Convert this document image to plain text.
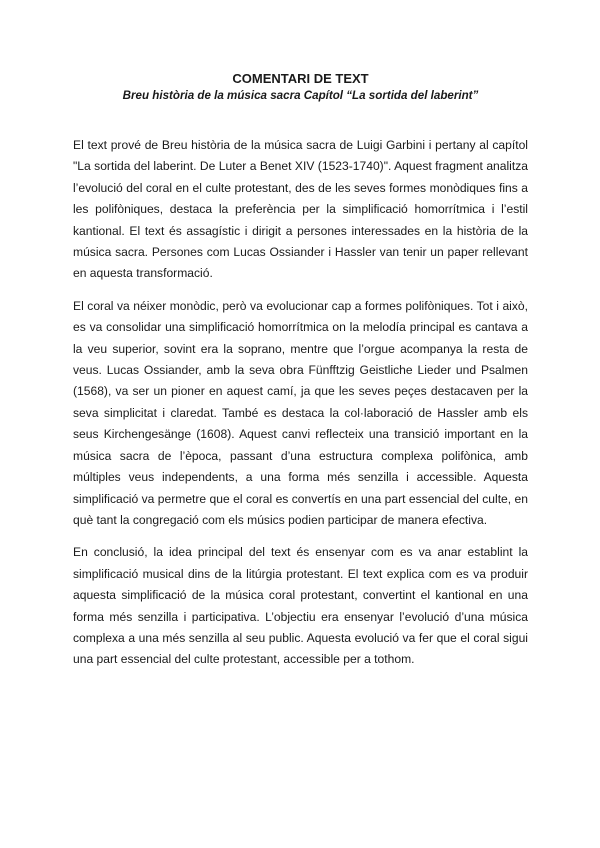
COMENTARI DE TEXT

Breu història de la música sacra Capítol “La sortida del laberint”

El text prové de Breu història de la música sacra de Luigi Garbini i pertany al capítol "La sortida del laberint. De Luter a Benet XIV (1523-1740)". Aquest fragment analitza l’evolució del coral en el culte protestant, des de les seves formes monòdiques fins a les polifòniques, destaca la preferència per la simplificació homorrítmica i l’estil kantional. El text és assagístic i dirigit a persones interessades en la història de la música sacra. Persones com Lucas Ossiander i Hassler van tenir un paper rellevant en aquesta transformació.

El coral va néixer monòdic, però va evolucionar cap a formes polifòniques. Tot i això, es va consolidar una simplificació homorrítmica on la melodía principal es cantava a la veu superior, sovint era la soprano, mentre que l’orgue acompanya la resta de veus. Lucas Ossiander, amb la seva obra Fünfftzig Geistliche Lieder und Psalmen (1568), va ser un pioner en aquest camí, ja que les seves peçes destacaven per la seva simplicitat i claredat. També es destaca la col·laboració de Hassler amb els seus Kirchengesänge (1608). Aquest canvi reflecteix una transició important en la música sacra de l’època, passant d’una estructura complexa polifònica, amb múltiples veus independents, a una forma més senzilla i accessible. Aquesta simplificació va permetre que el coral es convertís en una part essencial del culte, en què tant la congregació com els músics podien participar de manera efectiva.

En conclusió, la idea principal del text és ensenyar com es va anar establint la simplificació musical dins de la litúrgia protestant. El text explica com es va produir aquesta simplificació de la música coral protestant, convertint el kantional en una forma més senzilla i participativa. L’objectiu era ensenyar l’evolució d’una música complexa a una més senzilla al seu public. Aquesta evolució va fer que el coral sigui una part essencial del culte protestant, accessible per a tothom.
